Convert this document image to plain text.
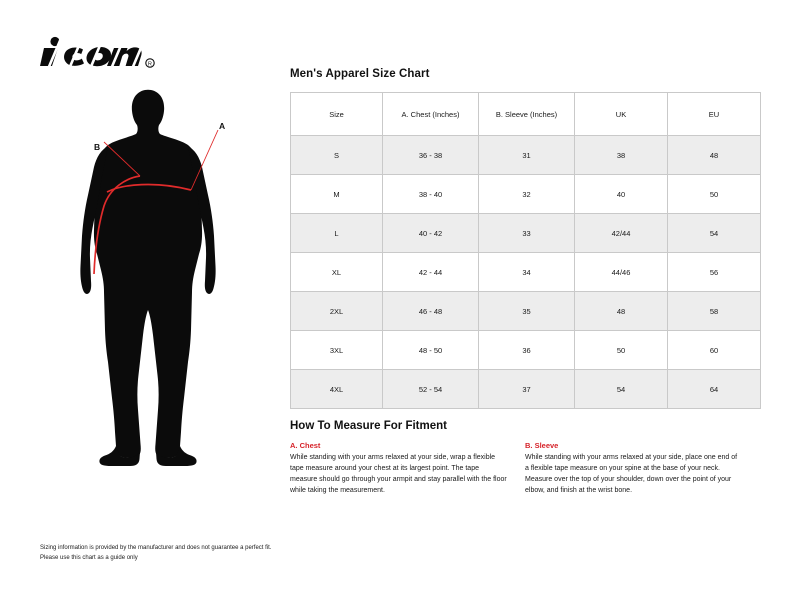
R
A
B
Men's Apparel Size Chart
Size	A. Chest (Inches)	B. Sleeve (Inches)	UK	EU
S	36 - 38	31	38	48
M	38 - 40	32	40	50
L	40 - 42	33	42/44	54
XL	42 - 44	34	44/46	56
2XL	46 - 48	35	48	58
3XL	48 - 50	36	50	60
4XL	52 - 54	37	54	64
How To Measure For Fitment

A. Chest

While standing with your arms relaxed at your side, wrap a flexible tape measure around your chest at its largest point. The tape measure should go through your armpit and stay parallel with the floor while taking the measurement.

B. Sleeve

While standing with your arms relaxed at your side, place one end of a flexible tape measure on your spine at the base of your neck. Measure over the top of your shoulder, down over the point of your elbow, and finish at the wrist bone.

Sizing information is provided by the manufacturer and does not guarantee a perfect fit.

Please use this chart as a guide only
